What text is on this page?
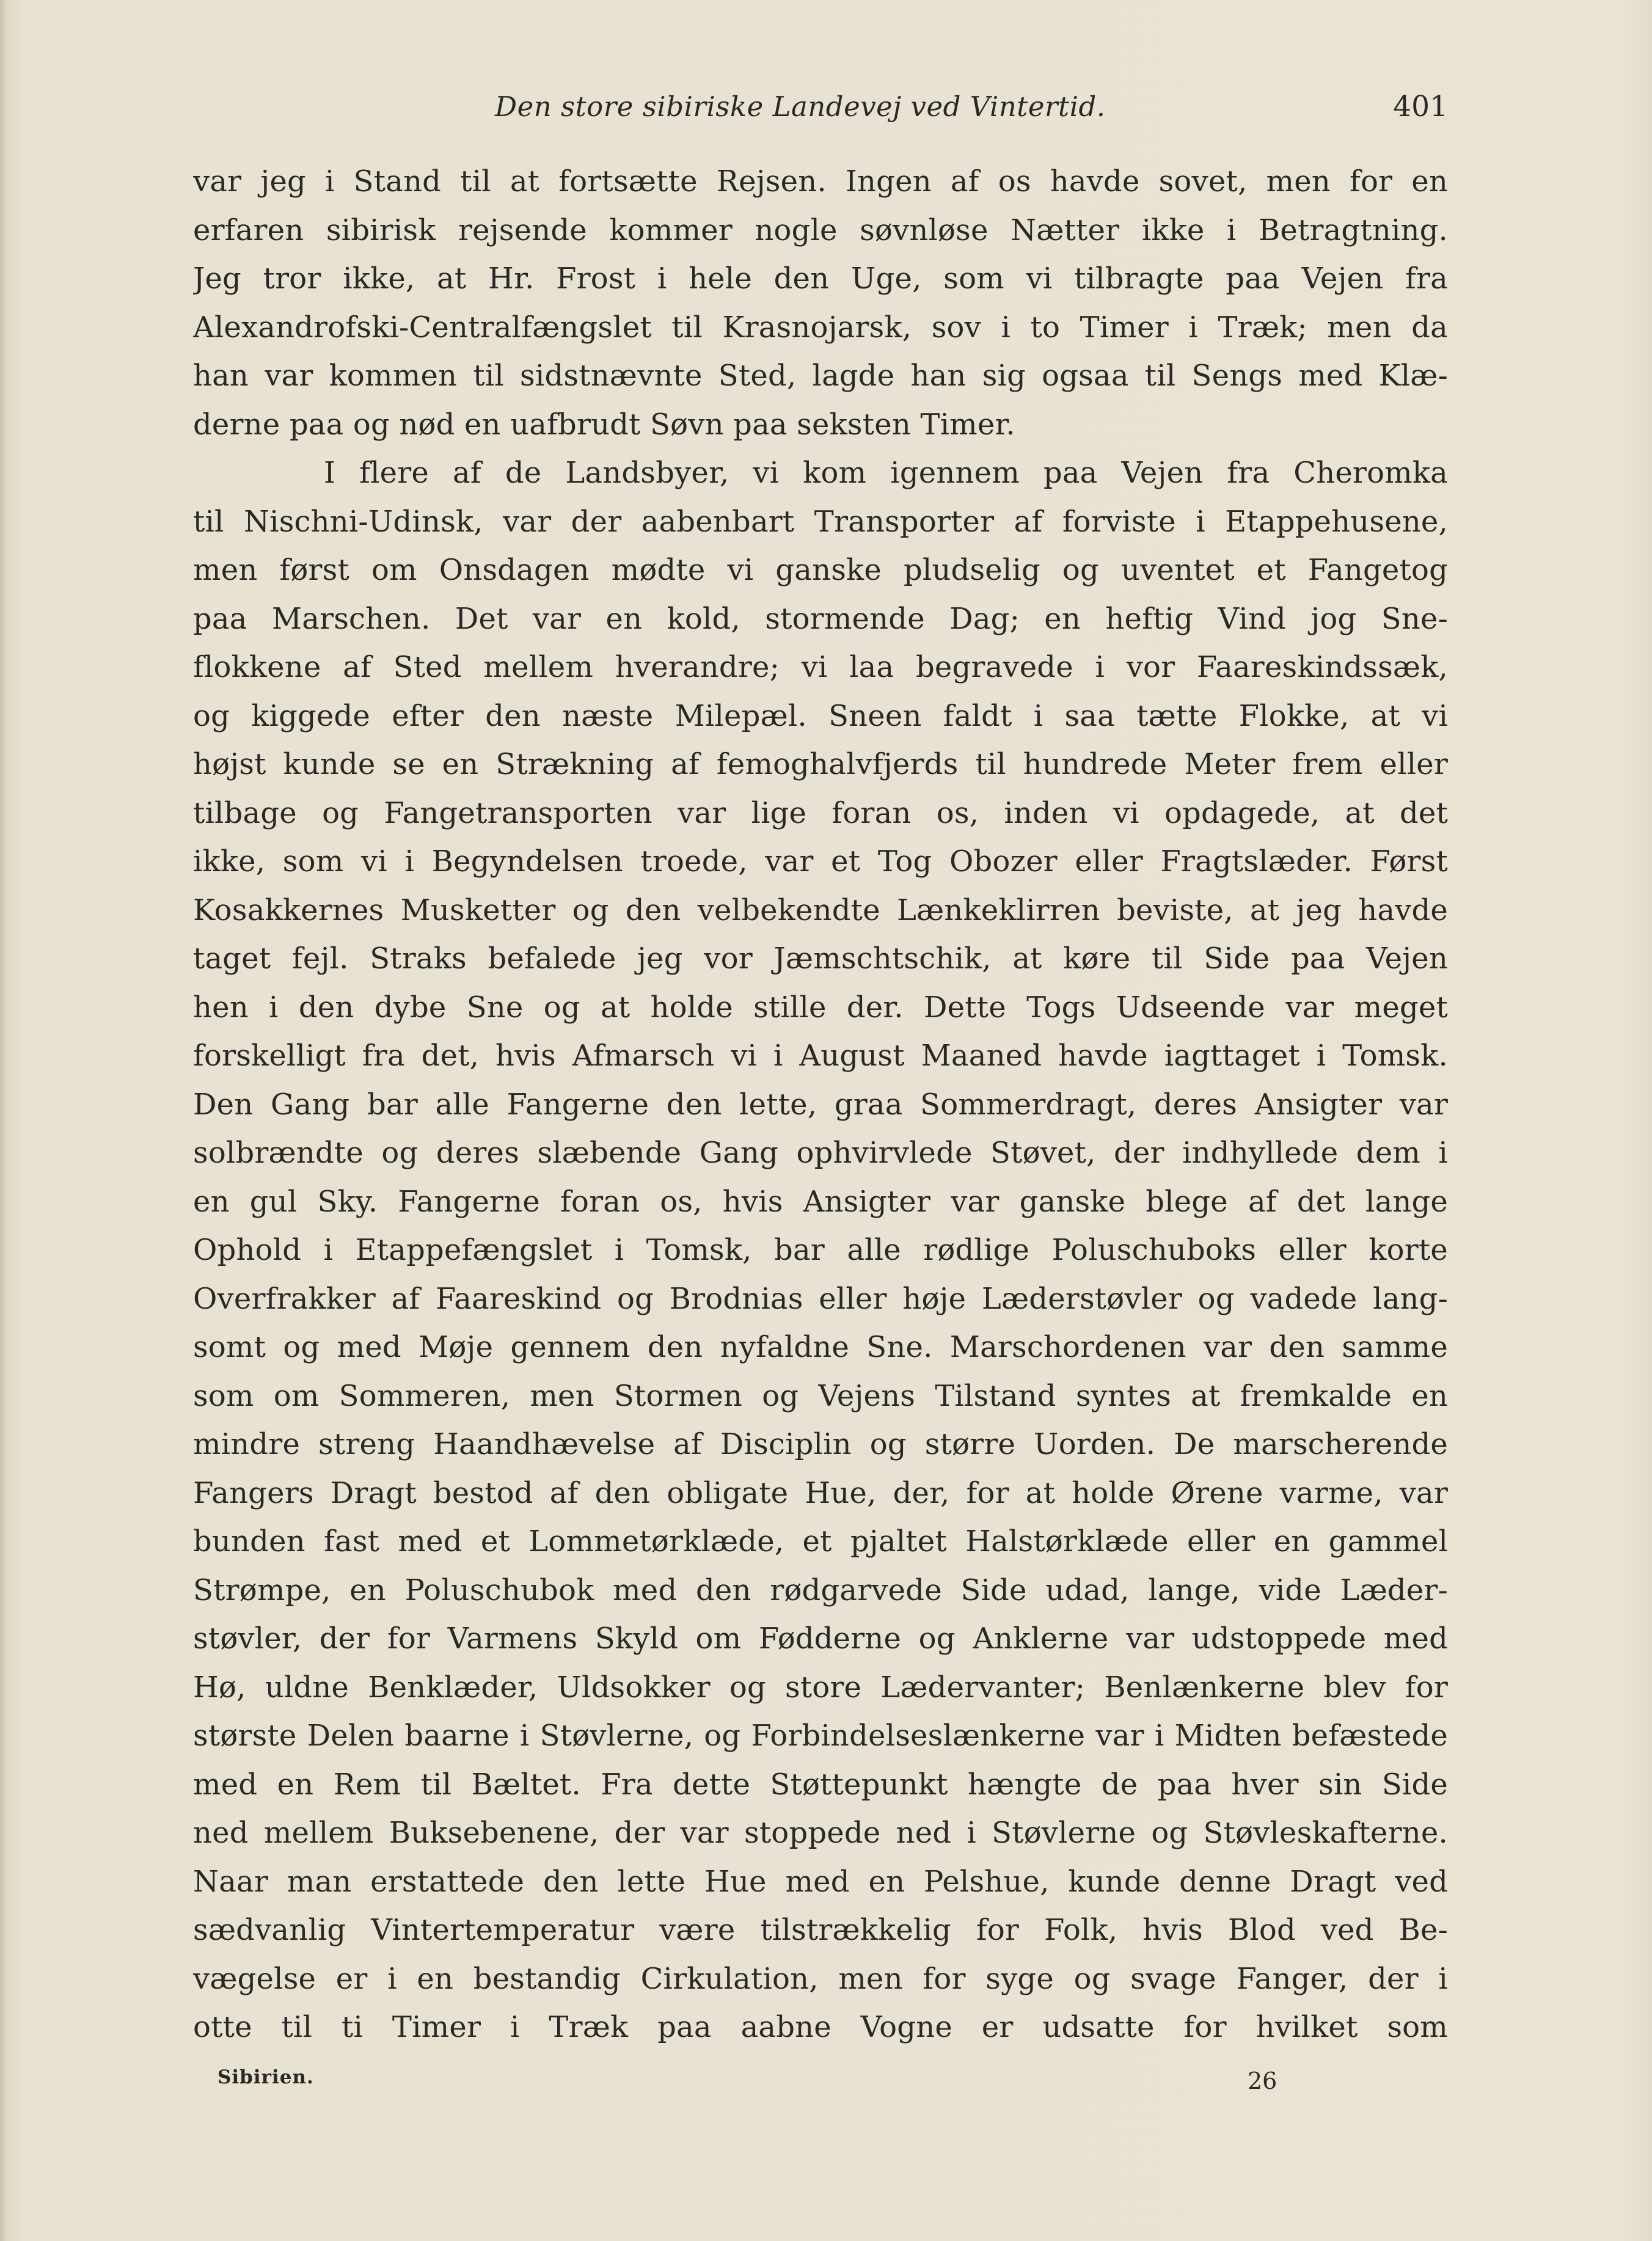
Den store sibiriske Landevej ved Vintertid.	401
var jeg i Stand til at fortsætte Rejsen. Ingen af os havde sovet, men for en
erfaren sibirisk rejsende kommer nogle søvnløse Nætter ikke i Betragtning.
Jeg tror ikke, at Hr. Frost i hele den Uge, som vi tilbragte paa Vejen fra
Alexandrofski-Centralfængslet til Krasnojarsk, sov i to Timer i Træk; men da
han var kommen til sidstnævnte Sted, lagde han sig ogsaa til Sengs med Klæ-
derne paa og nød en uafbrudt Søvn paa seksten Timer.
I flere af de Landsbyer, vi kom igennem paa Vejen fra Cheromka
til Nischni-Udinsk, var der aabenbart Transporter af forviste i Etappehusene,
men først om Onsdagen mødte vi ganske pludselig og uventet et Fangetog
paa Marschen. Det var en kold, stormende Dag; en heftig Vind jog Sne-
flokkene af Sted mellem hverandre; vi laa begravede i vor Faareskindssæk,
og kiggede efter den næste Milepæl. Sneen faldt i saa tætte Flokke, at vi
højst kunde se en Strækning af femoghalvfjerds til hundrede Meter frem eller
tilbage og Fangetransporten var lige foran os, inden vi opdagede, at det
ikke, som vi i Begyndelsen troede, var et Tog Obozer eller Fragtslæder. Først
Kosakkernes Musketter og den velbekendte Lænkeklirren beviste, at jeg havde
taget fejl. Straks befalede jeg vor Jæmschtschik, at køre til Side paa Vejen
hen i den dybe Sne og at holde stille der. Dette Togs Udseende var meget
forskelligt fra det, hvis Afmarsch vi i August Maaned havde iagttaget i Tomsk.
Den Gang bar alle Fangerne den lette, graa Sommerdragt, deres Ansigter var
solbrændte og deres slæbende Gang ophvirvlede Støvet, der indhyllede dem i
en gul Sky. Fangerne foran os, hvis Ansigter var ganske blege af det lange
Ophold i Etappefængslet i Tomsk, bar alle rødlige Poluschuboks eller korte
Overfrakker af Faareskind og Brodnias eller høje Læderstøvler og vadede lang-
somt og med Møje gennem den nyfaldne Sne. Marschordenen var den samme
som om Sommeren, men Stormen og Vejens Tilstand syntes at fremkalde en
mindre streng Haandhævelse af Disciplin og større Uorden. De marscherende
Fangers Dragt bestod af den obligate Hue, der, for at holde Ørene varme, var
bunden fast med et Lommetørklæde, et pjaltet Halstørklæde eller en gammel
Strømpe, en Poluschubok med den rødgarvede Side udad, lange, vide Læder-
støvler, der for Varmens Skyld om Fødderne og Anklerne var udstoppede med
Hø, uldne Benklæder, Uldsokker og store Lædervanter; Benlænkerne blev for
største Delen baarne i Støvlerne, og Forbindelseslænkerne var i Midten befæstede
med en Rem til Bæltet. Fra dette Støttepunkt hængte de paa hver sin Side
ned mellem Buksebenene, der var stoppede ned i Støvlerne og Støvleskafterne.
Naar man erstattede den lette Hue med en Pelshue, kunde denne Dragt ved
sædvanlig Vintertemperatur være tilstrækkelig for Folk, hvis Blod ved Be-
vægelse er i en bestandig Cirkulation, men for syge og svage Fanger, der i
otte til ti Timer i Træk paa aabne Vogne er udsatte for hvilket som
Sibirien.	26
